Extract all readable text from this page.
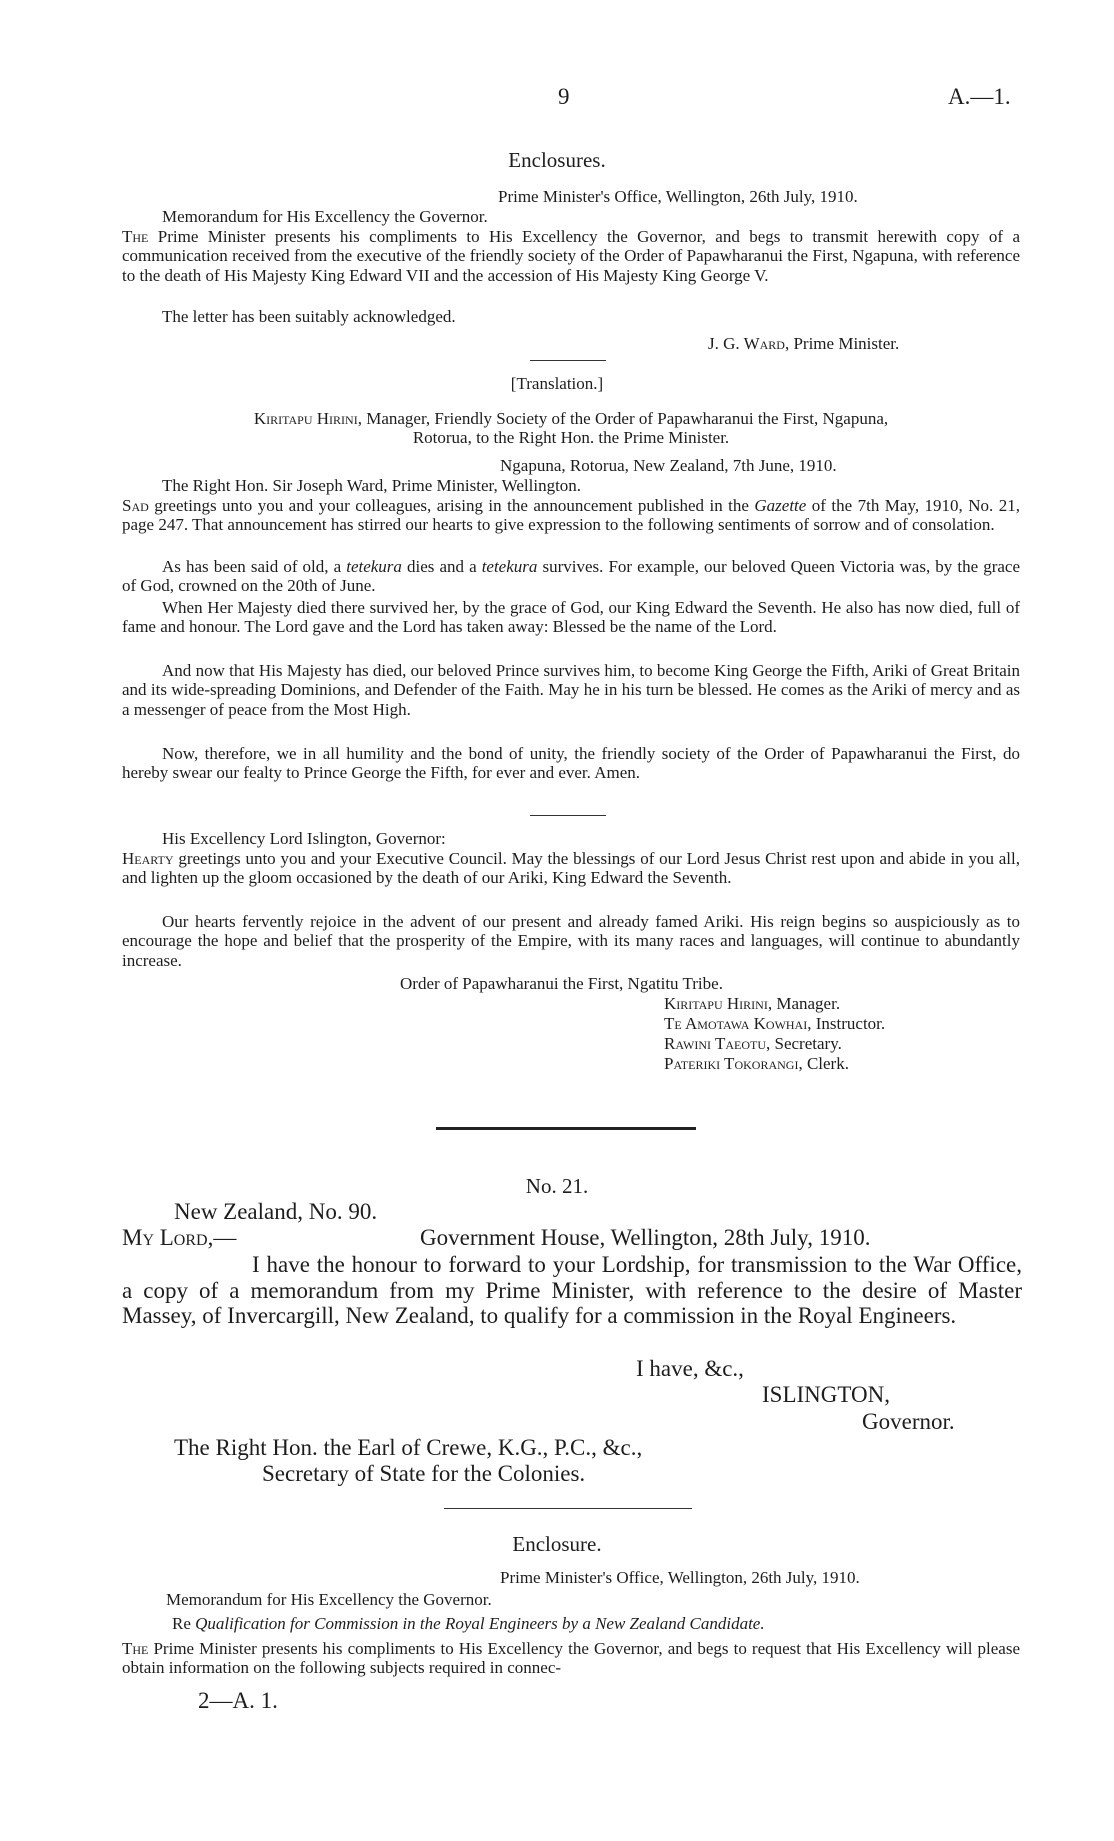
9	A.—1.
Enclosures.
Prime Minister's Office, Wellington, 26th July, 1910.
Memorandum for His Excellency the Governor.
The Prime Minister presents his compliments to His Excellency the Governor, and begs to transmit herewith copy of a communication received from the executive of the friendly society of the Order of Papawharanui the First, Ngapuna, with reference to the death of His Majesty King Edward VII and the accession of His Majesty King George V.
The letter has been suitably acknowledged.
J. G. Ward, Prime Minister.
[Translation.]
Kiritapu Hirini, Manager, Friendly Society of the Order of Papawharanui the First, Ngapuna,
Rotorua, to the Right Hon. the Prime Minister.
Ngapuna, Rotorua, New Zealand, 7th June, 1910.
The Right Hon. Sir Joseph Ward, Prime Minister, Wellington.
Sad greetings unto you and your colleagues, arising in the announcement published in the Gazette of the 7th May, 1910, No. 21, page 247. That announcement has stirred our hearts to give expression to the following sentiments of sorrow and of consolation.
As has been said of old, a tetekura dies and a tetekura survives. For example, our beloved Queen Victoria was, by the grace of God, crowned on the 20th of June.
When Her Majesty died there survived her, by the grace of God, our King Edward the Seventh. He also has now died, full of fame and honour. The Lord gave and the Lord has taken away: Blessed be the name of the Lord.
And now that His Majesty has died, our beloved Prince survives him, to become King George the Fifth, Ariki of Great Britain and its wide-spreading Dominions, and Defender of the Faith. May he in his turn be blessed. He comes as the Ariki of mercy and as a messenger of peace from the Most High.
Now, therefore, we in all humility and the bond of unity, the friendly society of the Order of Papawharanui the First, do hereby swear our fealty to Prince George the Fifth, for ever and ever. Amen.
His Excellency Lord Islington, Governor:
Hearty greetings unto you and your Executive Council. May the blessings of our Lord Jesus Christ rest upon and abide in you all, and lighten up the gloom occasioned by the death of our Ariki, King Edward the Seventh.
Our hearts fervently rejoice in the advent of our present and already famed Ariki. His reign begins so auspiciously as to encourage the hope and belief that the prosperity of the Empire, with its many races and languages, will continue to abundantly increase.
Order of Papawharanui the First, Ngatitu Tribe.
Kiritapu Hirini, Manager.
Te Amotawa Kowhai, Instructor.
Rawini Taeotu, Secretary.
Pateriki Tokorangi, Clerk.
No. 21.
New Zealand, No. 90.
My Lord,—	Government House, Wellington, 28th July, 1910.
I have the honour to forward to your Lordship, for transmission to the War Office, a copy of a memorandum from my Prime Minister, with reference to the desire of Master Massey, of Invercargill, New Zealand, to qualify for a commission in the Royal Engineers.
I have, &c.,
ISLINGTON,
Governor.
The Right Hon. the Earl of Crewe, K.G., P.C., &c.,
Secretary of State for the Colonies.
Enclosure.
Prime Minister's Office, Wellington, 26th July, 1910.
Memorandum for His Excellency the Governor.
Re Qualification for Commission in the Royal Engineers by a New Zealand Candidate.
The Prime Minister presents his compliments to His Excellency the Governor, and begs to request that His Excellency will please obtain information on the following subjects required in connec-
2—A. 1.
